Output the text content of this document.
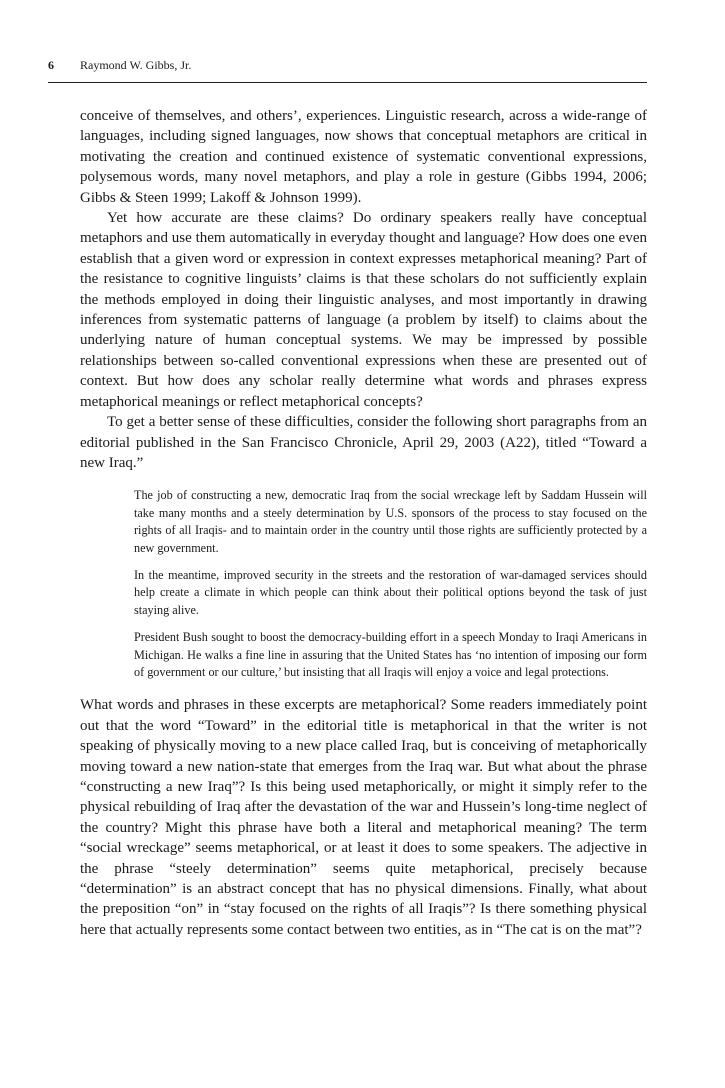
6 Raymond W. Gibbs, Jr.

conceive of themselves, and others’, experiences. Linguistic research, across a wide-range of languages, including signed languages, now shows that conceptual metaphors are critical in motivating the creation and continued existence of systematic conventional expressions, polysemous words, many novel metaphors, and play a role in gesture (Gibbs 1994, 2006; Gibbs & Steen 1999; Lakoff & Johnson 1999).

Yet how accurate are these claims? Do ordinary speakers really have conceptual metaphors and use them automatically in everyday thought and language? How does one even establish that a given word or expression in context expresses metaphorical meaning? Part of the resistance to cognitive linguists’ claims is that these scholars do not sufficiently explain the methods employed in doing their linguistic analyses, and most importantly in drawing inferences from systematic patterns of language (a problem by itself) to claims about the underlying nature of human conceptual systems. We may be impressed by possible relationships between so-called conventional expressions when these are presented out of context. But how does any scholar really determine what words and phrases express metaphorical meanings or reflect metaphorical concepts?

To get a better sense of these difficulties, consider the following short paragraphs from an editorial published in the San Francisco Chronicle, April 29, 2003 (A22), titled “Toward a new Iraq.”

The job of constructing a new, democratic Iraq from the social wreckage left by Saddam Hussein will take many months and a steely determination by U.S. sponsors of the process to stay focused on the rights of all Iraqis- and to maintain order in the country until those rights are sufficiently protected by a new government.

In the meantime, improved security in the streets and the restoration of war-damaged services should help create a climate in which people can think about their political options beyond the task of just staying alive.

President Bush sought to boost the democracy-building effort in a speech Monday to Iraqi Americans in Michigan. He walks a fine line in assuring that the United States has ‘no intention of imposing our form of government or our culture,’ but insisting that all Iraqis will enjoy a voice and legal protections.

What words and phrases in these excerpts are metaphorical? Some readers immediately point out that the word “Toward” in the editorial title is metaphorical in that the writer is not speaking of physically moving to a new place called Iraq, but is conceiving of metaphorically moving toward a new nation-state that emerges from the Iraq war. But what about the phrase “constructing a new Iraq”? Is this being used metaphorically, or might it simply refer to the physical rebuilding of Iraq after the devastation of the war and Hussein’s long-time neglect of the country? Might this phrase have both a literal and metaphorical meaning? The term “social wreckage” seems metaphorical, or at least it does to some speakers. The adjective in the phrase “steely determination” seems quite metaphorical, precisely because “determination” is an abstract concept that has no physical dimensions. Finally, what about the preposition “on” in “stay focused on the rights of all Iraqis”? Is there something physical here that actually represents some contact between two entities, as in “The cat is on the mat”?
